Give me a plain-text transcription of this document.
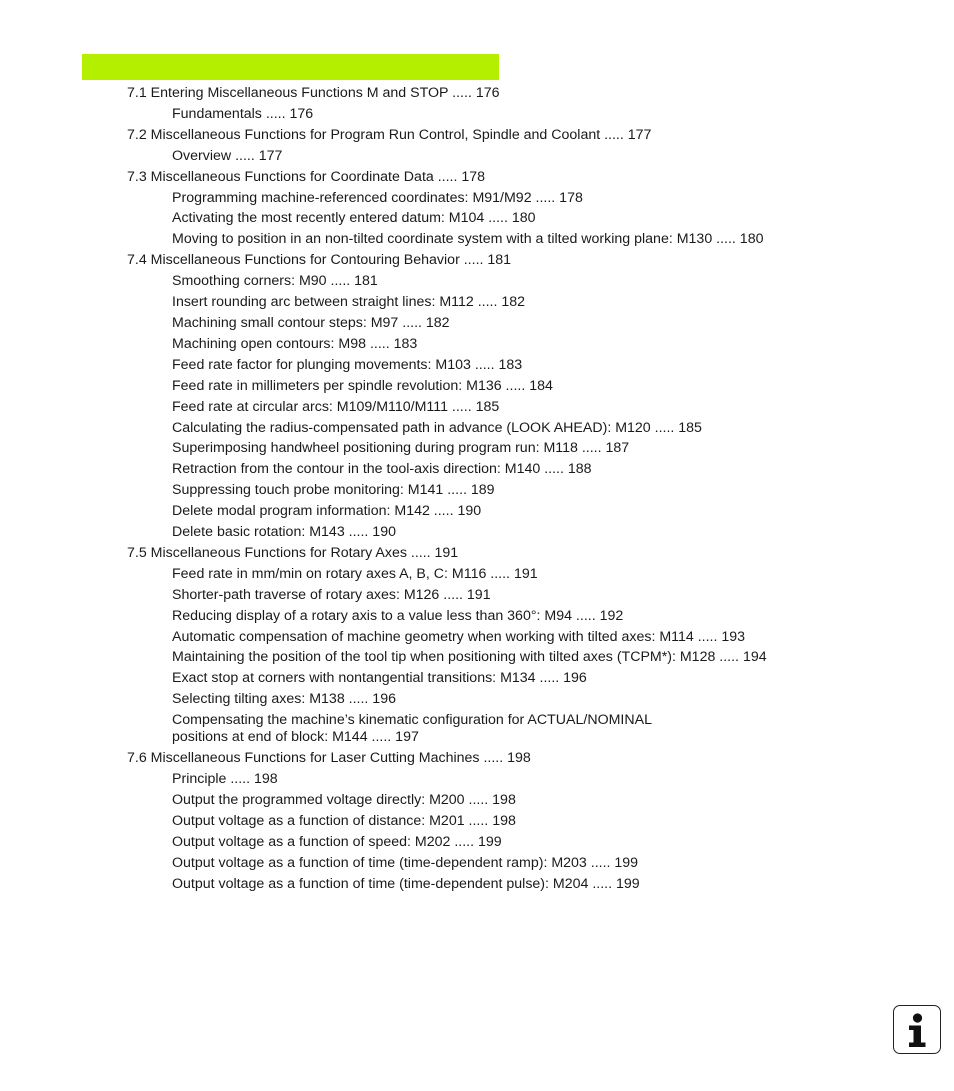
7.1 Entering Miscellaneous Functions M and STOP ..... 176
Fundamentals ..... 176
7.2 Miscellaneous Functions for Program Run Control, Spindle and Coolant ..... 177
Overview ..... 177
7.3 Miscellaneous Functions for Coordinate Data ..... 178
Programming machine-referenced coordinates: M91/M92 ..... 178
Activating the most recently entered datum: M104 ..... 180
Moving to position in an non-tilted coordinate system with a tilted working plane: M130 ..... 180
7.4 Miscellaneous Functions for Contouring Behavior ..... 181
Smoothing corners: M90 ..... 181
Insert rounding arc between straight lines: M112 ..... 182
Machining small contour steps: M97 ..... 182
Machining open contours: M98 ..... 183
Feed rate factor for plunging movements: M103 ..... 183
Feed rate in millimeters per spindle revolution: M136 ..... 184
Feed rate at circular arcs: M109/M110/M111 ..... 185
Calculating the radius-compensated path in advance (LOOK AHEAD): M120 ..... 185
Superimposing handwheel positioning during program run: M118 ..... 187
Retraction from the contour in the tool-axis direction: M140 ..... 188
Suppressing touch probe monitoring: M141 ..... 189
Delete modal program information: M142 ..... 190
Delete basic rotation: M143 ..... 190
7.5 Miscellaneous Functions for Rotary Axes ..... 191
Feed rate in mm/min on rotary axes A, B, C: M116 ..... 191
Shorter-path traverse of rotary axes: M126 ..... 191
Reducing display of a rotary axis to a value less than 360°: M94 ..... 192
Automatic compensation of machine geometry when working with tilted axes: M114 ..... 193
Maintaining the position of the tool tip when positioning with tilted axes (TCPM*): M128 ..... 194
Exact stop at corners with nontangential transitions: M134 ..... 196
Selecting tilting axes: M138 ..... 196
Compensating the machine’s kinematic configuration for ACTUAL/NOMINAL
positions at end of block: M144 ..... 197
7.6 Miscellaneous Functions for Laser Cutting Machines ..... 198
Principle ..... 198
Output the programmed voltage directly: M200 ..... 198
Output voltage as a function of distance: M201 ..... 198
Output voltage as a function of speed: M202 ..... 199
Output voltage as a function of time (time-dependent ramp): M203 ..... 199
Output voltage as a function of time (time-dependent pulse): M204 ..... 199
